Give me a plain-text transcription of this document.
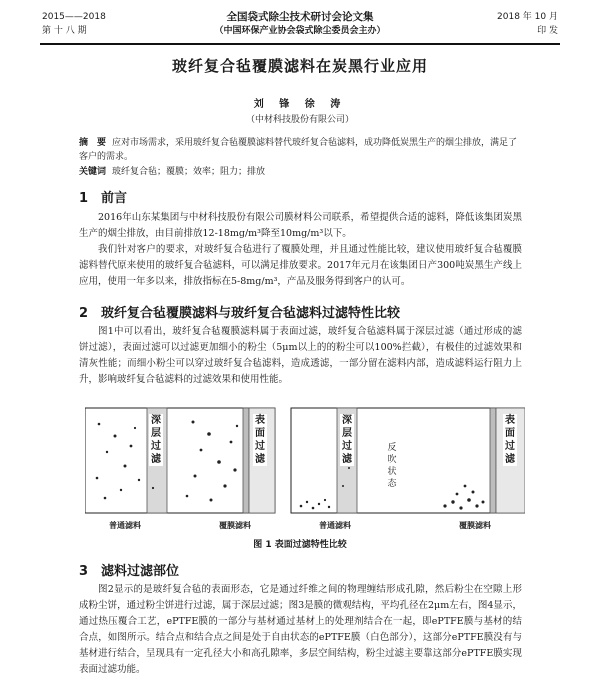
2015——2018
第 十 八 期
全国袋式除尘技术研讨会论文集
（中国环保产业协会袋式除尘委员会主办）
2018 年 10 月
印 发
玻纤复合毡覆膜滤料在炭黑行业应用
刘 锋 徐 涛
（中材科技股份有限公司）
摘　要 应对市场需求，采用玻纤复合毡覆膜滤料替代玻纤复合毡滤料，成功降低炭黑生产的烟尘排放，满足了客户的需求。
关键词 玻纤复合毡；覆膜；效率；阻力；排放
1 前言
2016年山东某集团与中材科技股份有限公司膜材料公司联系，希望提供合适的滤料，降低该集团炭黑生产的烟尘排放，由目前排放12-18mg/m³降至10mg/m³以下。
我们针对客户的要求，对玻纤复合毡进行了覆膜处理，并且通过性能比较，建议使用玻纤复合毡覆膜滤料替代原来使用的玻纤复合毡滤料，可以满足排放要求。2017年元月在该集团日产300吨炭黑生产线上应用，使用一年多以来，排放指标在5-8mg/m³，产品及服务得到客户的认可。
2 玻纤复合毡覆膜滤料与玻纤复合毡滤料过滤特性比较
图1中可以看出，玻纤复合毡覆膜滤料属于表面过滤，玻纤复合毡滤料属于深层过滤（通过形成的滤饼过滤），表面过滤可以过滤更加细小的粉尘（5μm以上的的粉尘可以100%拦截），有极佳的过滤效果和清灰性能；而细小粉尘可以穿过玻纤复合毡滤料，造成透滤，一部分留在滤料内部，造成滤料运行阻力上升，影响玻纤复合毡滤料的过滤效果和使用性能。
深层过滤
表面过滤
深层过滤
反吹状态
表面过滤
普通滤料	覆膜滤料	普通滤料	覆膜滤料
图 1 表面过滤特性比较
3 滤料过滤部位
图2显示的是玻纤复合毡的表面形态，它是通过纤维之间的物理缠结形成孔隙，然后粉尘在空隙上形成粉尘饼，通过粉尘饼进行过滤，属于深层过滤；图3是膜的微观结构，平均孔径在2μm左右，图4显示，通过热压覆合工艺，ePTFE膜的一部分与基材通过基材上的处理剂结合在一起，即ePTFE膜与基材的结合点，如图所示。结合点和结合点之间是处于自由状态的ePTFE膜（白色部分），这部分ePTFE膜没有与基材进行结合，呈现具有一定孔径大小和高孔隙率，多层空间结构，粉尘过滤主要靠这部分ePTFE膜实现表面过滤功能。
